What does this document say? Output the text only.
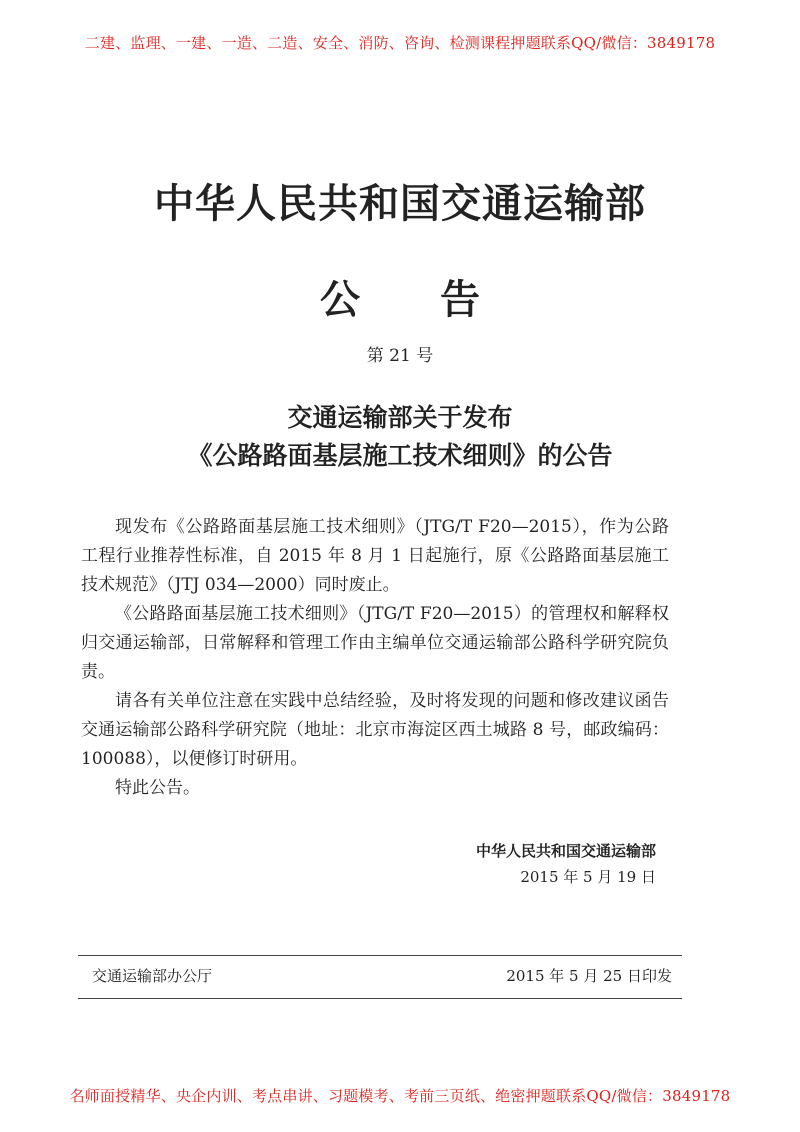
二建、监理、一建、一造、二造、安全、消防、咨询、检测课程押题联系QQ/微信：3849178
中华人民共和国交通运输部
公 告
第 21 号
交通运输部关于发布
《公路路面基层施工技术细则》的公告

现发布《公路路面基层施工技术细则》（JTG/T F20—2015），作为公路工程行业推荐性标准，自 2015 年 8 月 1 日起施行，原《公路路面基层施工技术规范》（JTJ 034—2000）同时废止。

《公路路面基层施工技术细则》（JTG/T F20—2015）的管理权和解释权归交通运输部，日常解释和管理工作由主编单位交通运输部公路科学研究院负责。

请各有关单位注意在实践中总结经验，及时将发现的问题和修改建议函告交通运输部公路科学研究院（地址：北京市海淀区西土城路 8 号，邮政编码：100088），以便修订时研用。

特此公告。

中华人民共和国交通运输部
2015 年 5 月 19 日
交通运输部办公厅	2015 年 5 月 25 日印发
名师面授精华、央企内训、考点串讲、习题模考、考前三页纸、绝密押题联系QQ/微信：3849178
